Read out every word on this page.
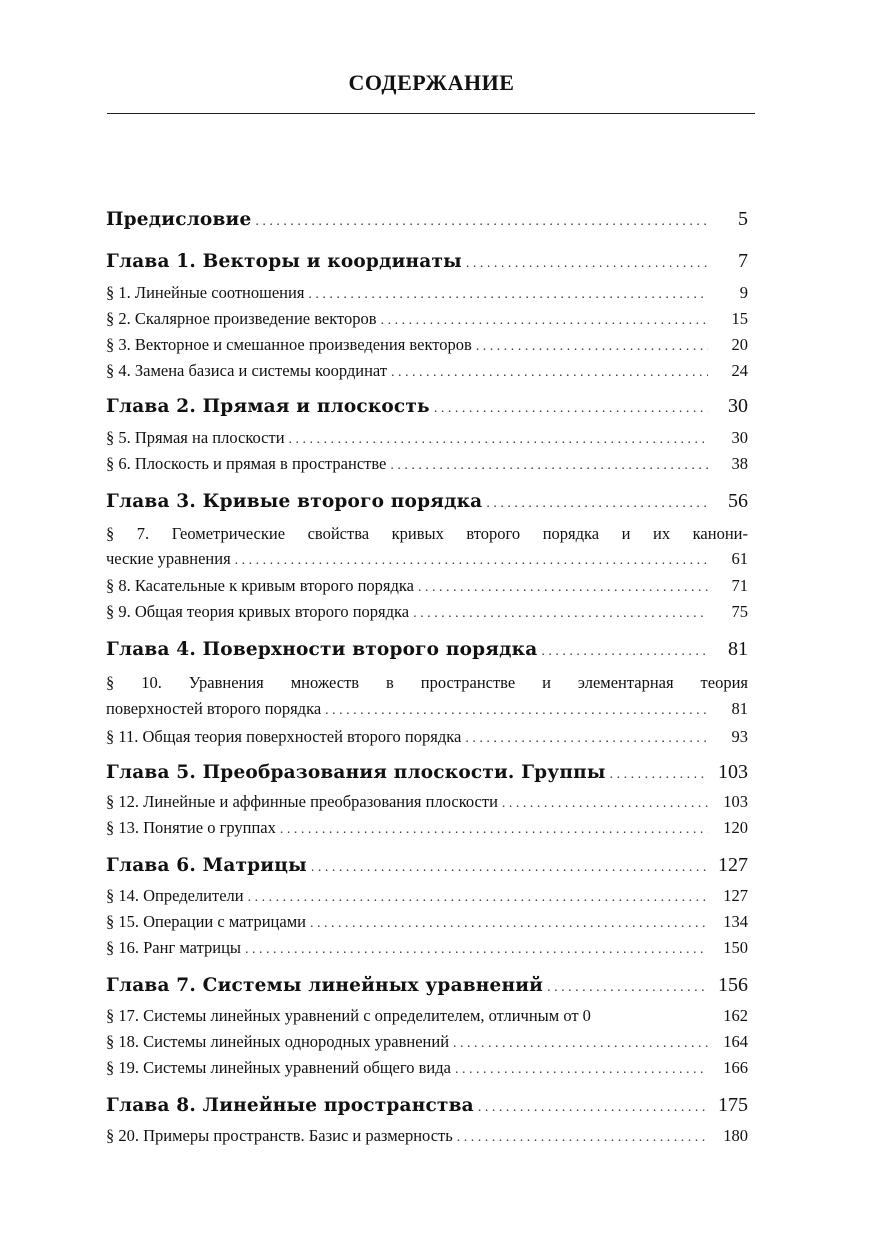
СОДЕРЖАНИЕ
Предисловие . . .	5
Глава 1. Векторы и координаты . . .	7
§ 1. Линейные соотношения . . .	9
§ 2. Скалярное произведение векторов . . .	15
§ 3. Векторное и смешанное произведения векторов . . .	20
§ 4. Замена базиса и системы координат . . .	24
Глава 2. Прямая и плоскость . . .	30
§ 5. Прямая на плоскости . . .	30
§ 6. Плоскость и прямая в пространстве . . .	38
Глава 3. Кривые второго порядка . . .	56
§ 7. Геометрические свойства кривых второго порядка и их канони-
ческие уравнения . . .	61
§ 8. Касательные к кривым второго порядка . . .	71
§ 9. Общая теория кривых второго порядка . . .	75
Глава 4. Поверхности второго порядка . . .	81
§ 10. Уравнения множеств в пространстве и элементарная теория
поверхностей второго порядка . . .	81
§ 11. Общая теория поверхностей второго порядка . . .	93
Глава 5. Преобразования плоскости. Группы . . .	103
§ 12. Линейные и аффинные преобразования плоскости . . .	103
§ 13. Понятие о группах . . .	120
Глава 6. Матрицы . . .	127
§ 14. Определители . . .	127
§ 15. Операции с матрицами . . .	134
§ 16. Ранг матрицы . . .	150
Глава 7. Системы линейных уравнений . . .	156
§ 17. Системы линейных уравнений с определителем, отличным от 0	162
§ 18. Системы линейных однородных уравнений . . .	164
§ 19. Системы линейных уравнений общего вида . . .	166
Глава 8. Линейные пространства . . .	175
§ 20. Примеры пространств. Базис и размерность . . .	180
